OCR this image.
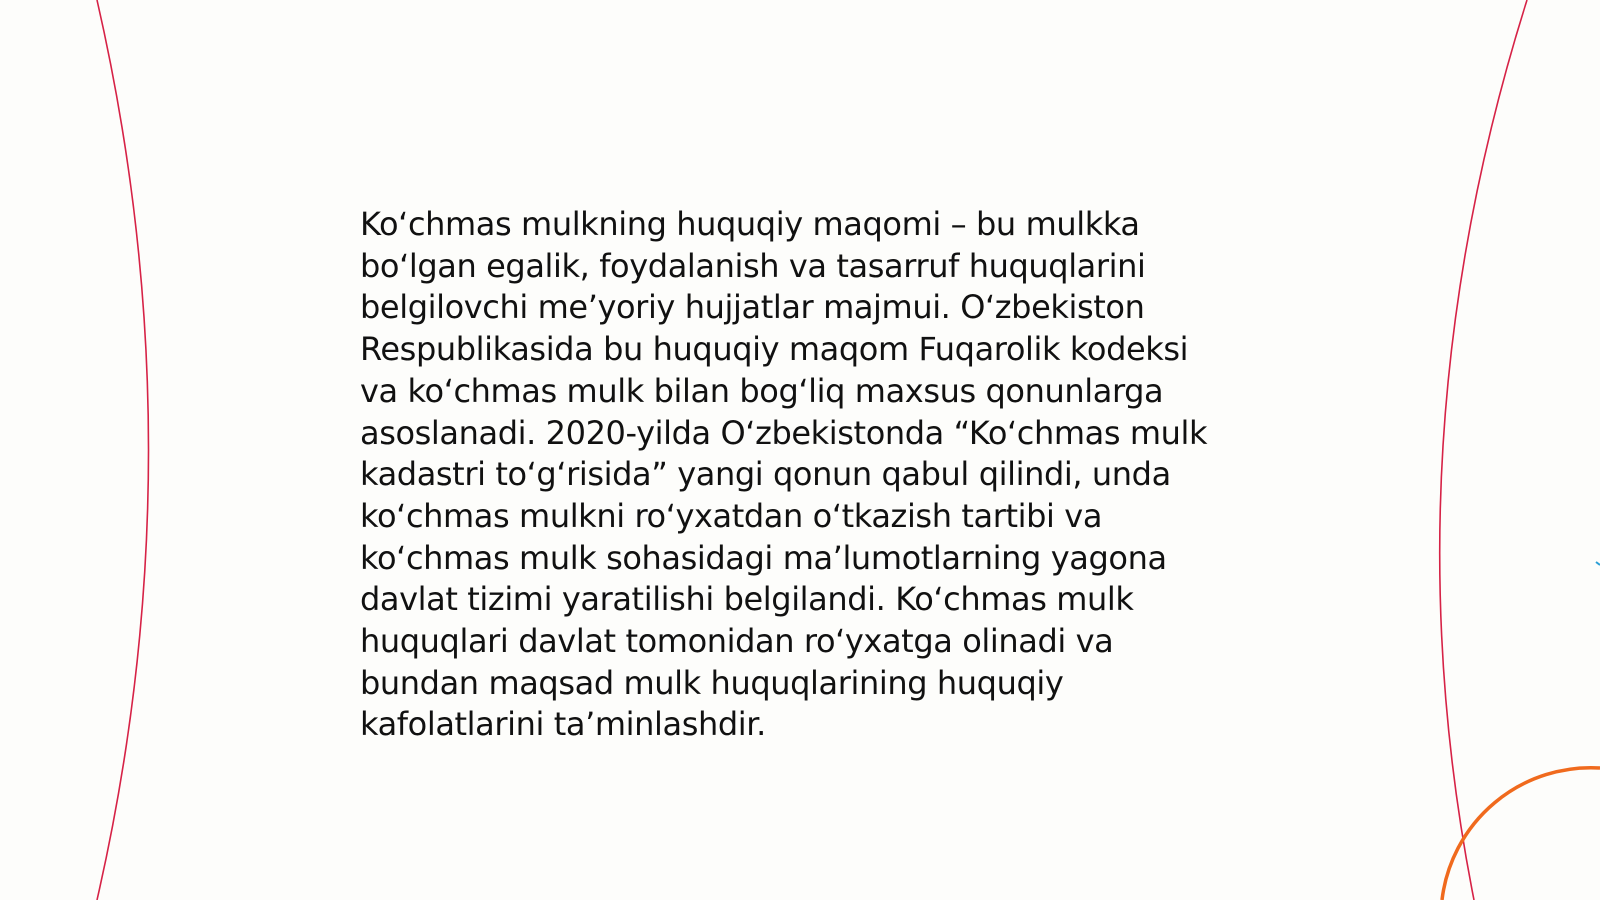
Koʻchmas mulkning huquqiy maqomi – bu mulkka
boʻlgan egalik, foydalanish va tasarruf huquqlarini
belgilovchi meʼyoriy hujjatlar majmui. Oʻzbekiston
Respublikasida bu huquqiy maqom Fuqarolik kodeksi
va koʻchmas mulk bilan bogʻliq maxsus qonunlarga
asoslanadi. 2020-yilda Oʻzbekistonda “Koʻchmas mulk
kadastri toʻgʻrisida” yangi qonun qabul qilindi, unda
koʻchmas mulkni roʻyxatdan oʻtkazish tartibi va
koʻchmas mulk sohasidagi maʼlumotlarning yagona
davlat tizimi yaratilishi belgilandi. Koʻchmas mulk
huquqlari davlat tomonidan roʻyxatga olinadi va
bundan maqsad mulk huquqlarining huquqiy
kafolatlarini taʼminlashdir.
